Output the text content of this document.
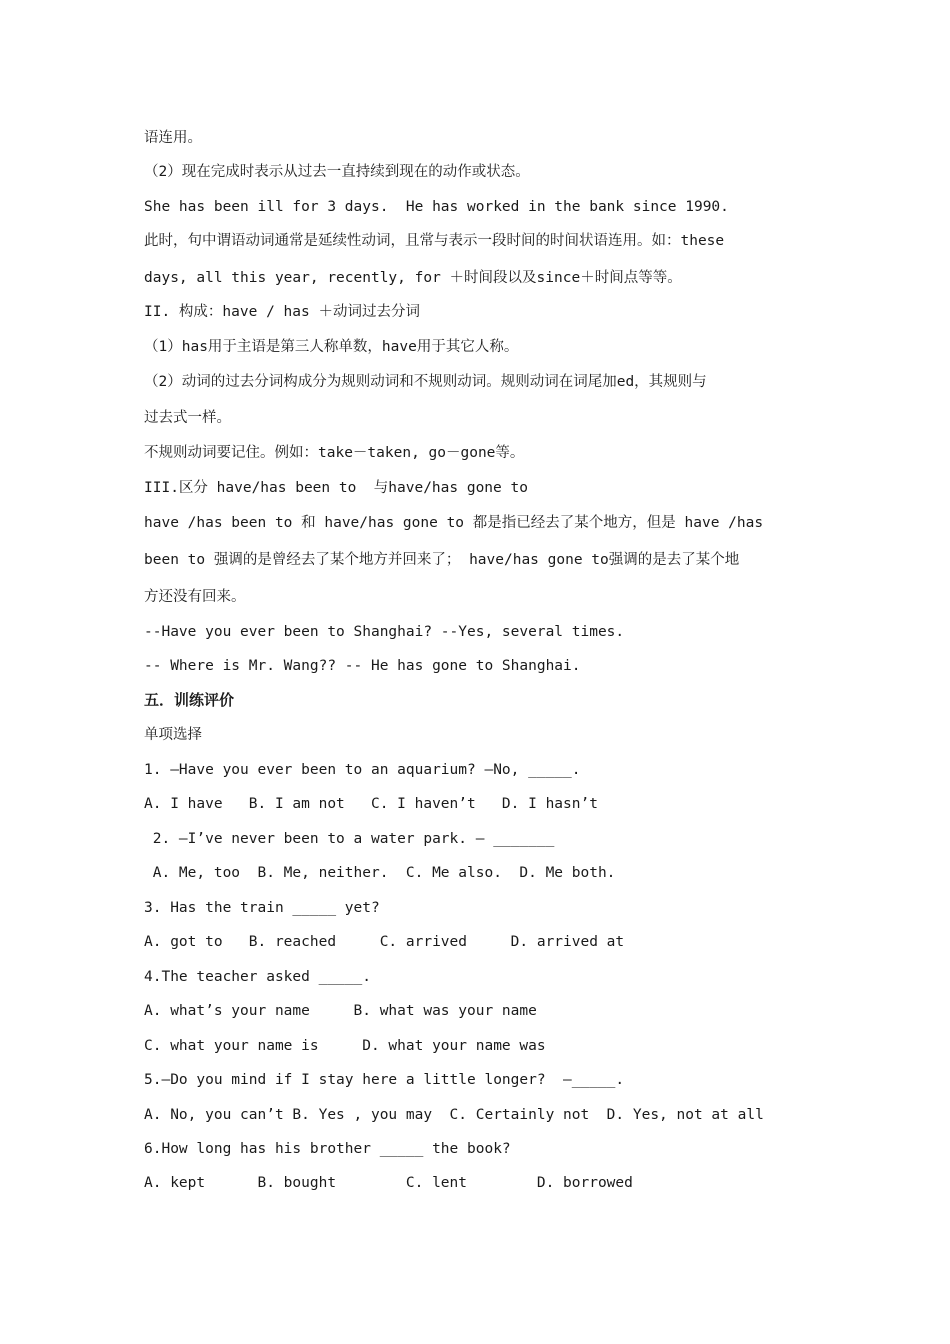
语连用。
（2）现在完成时表示从过去一直持续到现在的动作或状态。
She has been ill for 3 days.  He has worked in the bank since 1990.
此时，句中谓语动词通常是延续性动词，且常与表示一段时间的时间状语连用。如：these
days, all this year, recently, for ＋时间段以及since＋时间点等等。
II. 构成：have / has ＋动词过去分词
（1）has用于主语是第三人称单数，have用于其它人称。
（2）动词的过去分词构成分为规则动词和不规则动词。规则动词在词尾加ed，其规则与
过去式一样。
不规则动词要记住。例如：take－taken, go－gone等。
III.区分 have/has been to  与have/has gone to
have /has been to 和 have/has gone to 都是指已经去了某个地方，但是 have /has
been to 强调的是曾经去了某个地方并回来了； have/has gone to强调的是去了某个地
方还没有回来。
--Have you ever been to Shanghai? --Yes, several times.
-- Where is Mr. Wang?? -- He has gone to Shanghai.
五．训练评价
单项选择
1. —Have you ever been to an aquarium? —No, _____.
A. I have   B. I am not   C. I haven’t   D. I hasn’t
2. —I’ve never been to a water park. — _______
A. Me, too  B. Me, neither.  C. Me also.  D. Me both.
3. Has the train _____ yet?
A. got to   B. reached     C. arrived     D. arrived at
4.The teacher asked _____.
A. what’s your name     B. what was your name
C. what your name is     D. what your name was
5.—Do you mind if I stay here a little longer?  —_____.
A. No, you can’t B. Yes , you may  C. Certainly not  D. Yes, not at all
6.How long has his brother _____ the book?
A. kept      B. bought        C. lent        D. borrowed
